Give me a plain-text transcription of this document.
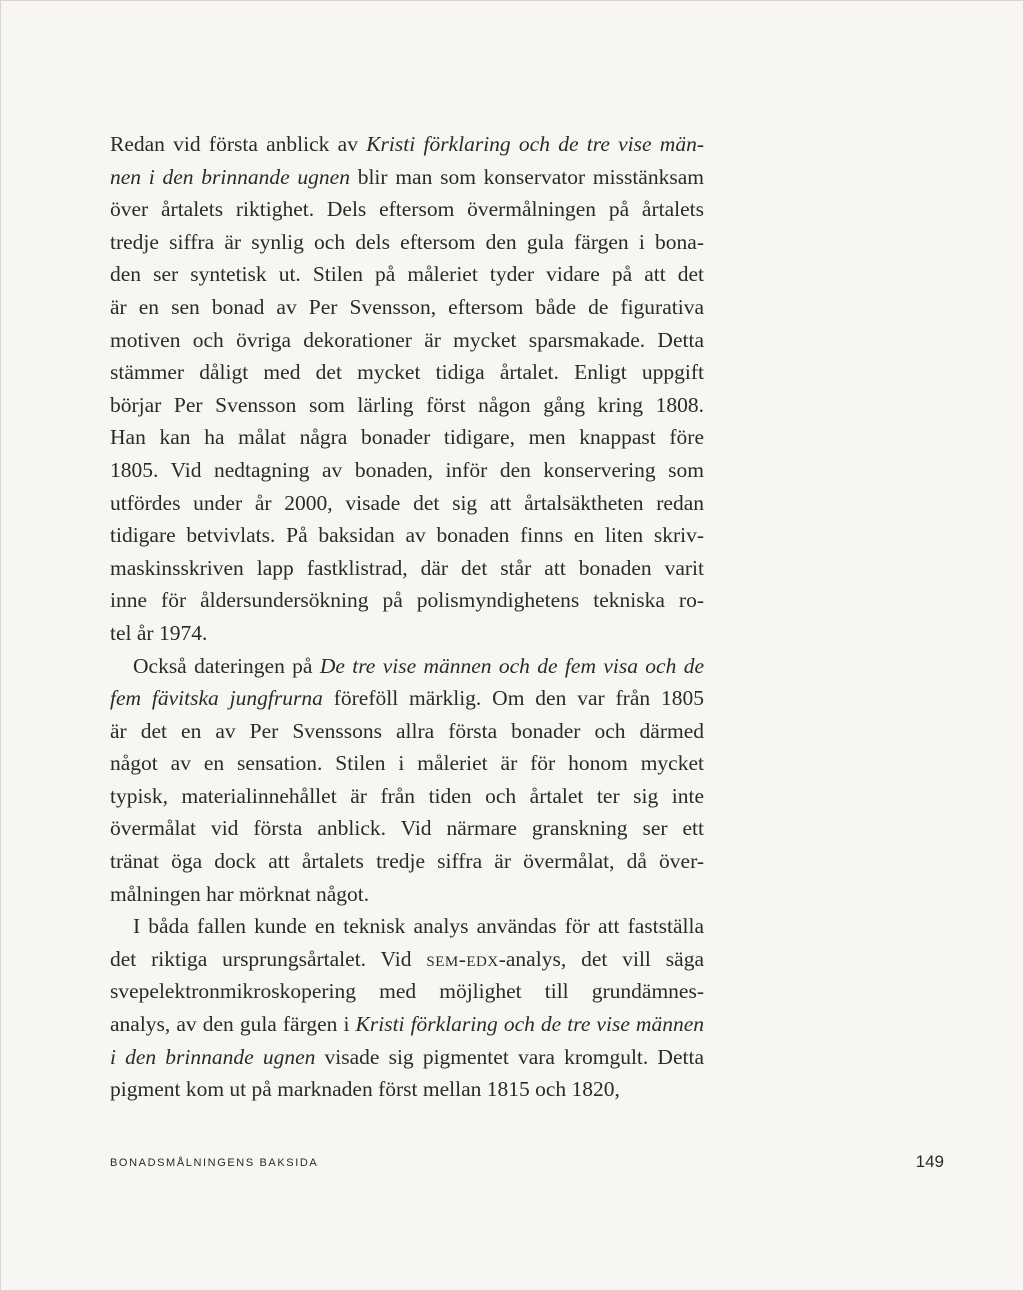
Redan vid första anblick av Kristi förklaring och de tre vise män-
nen i den brinnande ugnen blir man som konservator misstänksam
över årtalets riktighet. Dels eftersom övermålningen på årtalets
tredje siffra är synlig och dels eftersom den gula färgen i bona-
den ser syntetisk ut. Stilen på måleriet tyder vidare på att det
är en sen bonad av Per Svensson, eftersom både de figurativa
motiven och övriga dekorationer är mycket sparsmakade. Detta
stämmer dåligt med det mycket tidiga årtalet. Enligt uppgift
börjar Per Svensson som lärling först någon gång kring 1808.
Han kan ha målat några bonader tidigare, men knappast före
1805. Vid nedtagning av bonaden, inför den konservering som
utfördes under år 2000, visade det sig att årtalsäktheten redan
tidigare betvivlats. På baksidan av bonaden finns en liten skriv-
maskinsskriven lapp fastklistrad, där det står att bonaden varit
inne för åldersundersökning på polismyndighetens tekniska ro-
tel år 1974.
Också dateringen på De tre vise männen och de fem visa och de
fem fävitska jungfrurna föreföll märklig. Om den var från 1805
är det en av Per Svenssons allra första bonader och därmed
något av en sensation. Stilen i måleriet är för honom mycket
typisk, materialinnehållet är från tiden och årtalet ter sig inte
övermålat vid första anblick. Vid närmare granskning ser ett
tränat öga dock att årtalets tredje siffra är övermålat, då över-
målningen har mörknat något.
I båda fallen kunde en teknisk analys användas för att fastställa
det riktiga ursprungsårtalet. Vid sem-edx-analys, det vill säga
svepelektronmikroskopering med möjlighet till grundämnes-
analys, av den gula färgen i Kristi förklaring och de tre vise männen
i den brinnande ugnen visade sig pigmentet vara kromgult. Detta
pigment kom ut på marknaden först mellan 1815 och 1820,
BONADSMÅLNINGENS BAKSIDA	149
